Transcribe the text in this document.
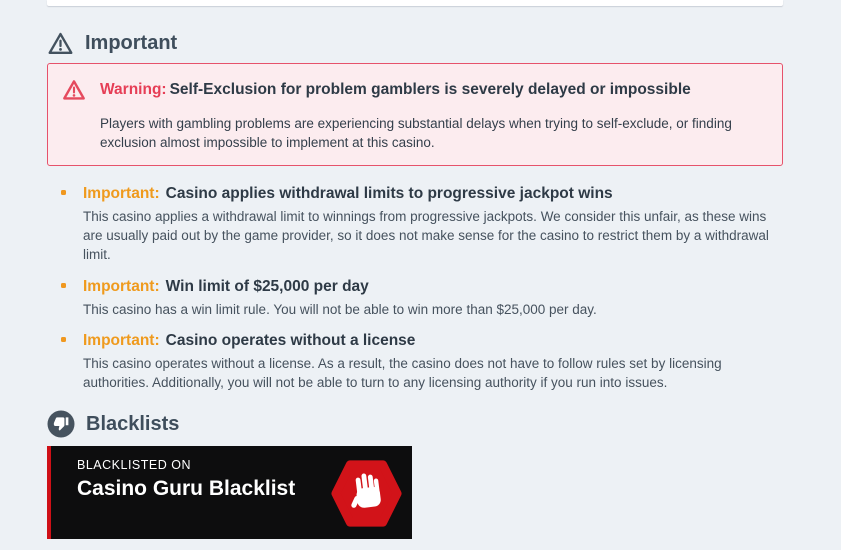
Important

Warning: Self-Exclusion for problem gamblers is severely delayed or impossible

Players with gambling problems are experiencing substantial delays when trying to self-exclude, or finding exclusion almost impossible to implement at this casino.

Important: Casino applies withdrawal limits to progressive jackpot wins

This casino applies a withdrawal limit to winnings from progressive jackpots. We consider this unfair, as these wins are usually paid out by the game provider, so it does not make sense for the casino to restrict them by a withdrawal limit.

Important: Win limit of $25,000 per day

This casino has a win limit rule. You will not be able to win more than $25,000 per day.

Important: Casino operates without a license

This casino operates without a license. As a result, the casino does not have to follow rules set by licensing authorities. Additionally, you will not be able to turn to any licensing authority if you run into issues.

Blacklists

BLACKLISTED ON

Casino Guru Blacklist
